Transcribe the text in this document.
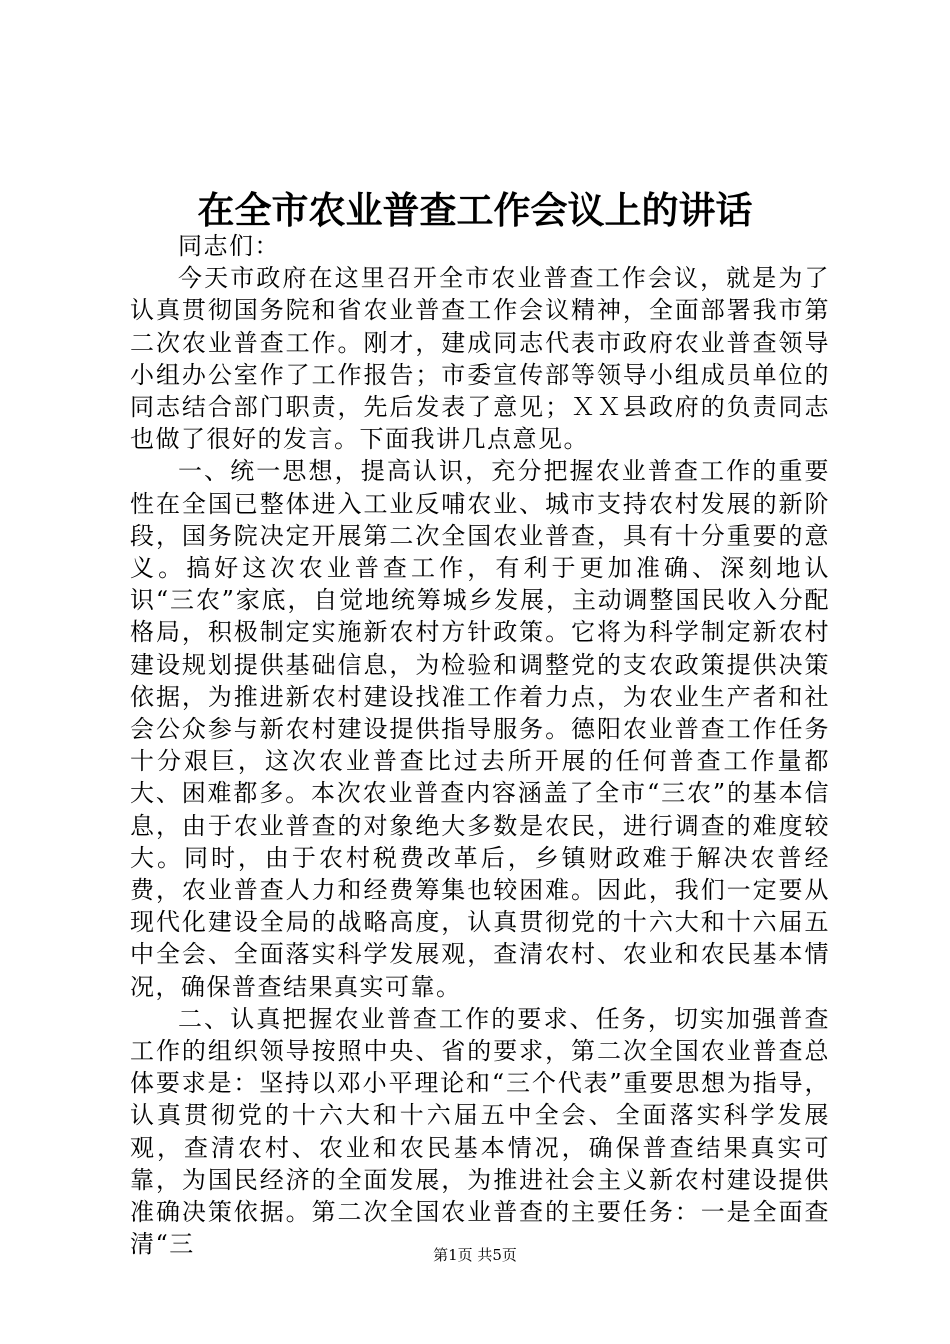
在全市农业普查工作会议上的讲话

同志们：

今天市政府在这里召开全市农业普查工作会议，就是为了认真贯彻国务院和省农业普查工作会议精神，全面部署我市第二次农业普查工作。刚才，建成同志代表市政府农业普查领导小组办公室作了工作报告；市委宣传部等领导小组成员单位的同志结合部门职责，先后发表了意见；ＸＸ县政府的负责同志也做了很好的发言。下面我讲几点意见。

一、统一思想，提高认识，充分把握农业普查工作的重要性在全国已整体进入工业反哺农业、城市支持农村发展的新阶段，国务院决定开展第二次全国农业普查，具有十分重要的意义。搞好这次农业普查工作，有利于更加准确、深刻地认识“三农”家底，自觉地统筹城乡发展，主动调整国民收入分配格局，积极制定实施新农村方针政策。它将为科学制定新农村建设规划提供基础信息，为检验和调整党的支农政策提供决策依据，为推进新农村建设找准工作着力点，为农业生产者和社会公众参与新农村建设提供指导服务。德阳农业普查工作任务十分艰巨，这次农业普查比过去所开展的任何普查工作量都大、困难都多。本次农业普查内容涵盖了全市“三农”的基本信息，由于农业普查的对象绝大多数是农民，进行调查的难度较大。同时，由于农村税费改革后，乡镇财政难于解决农普经费，农业普查人力和经费筹集也较困难。因此，我们一定要从现代化建设全局的战略高度，认真贯彻党的十六大和十六届五中全会、全面落实科学发展观，查清农村、农业和农民基本情况，确保普查结果真实可靠。

二、认真把握农业普查工作的要求、任务，切实加强普查工作的组织领导按照中央、省的要求，第二次全国农业普查总体要求是：坚持以邓小平理论和“三个代表”重要思想为指导，认真贯彻党的十六大和十六届五中全会、全面落实科学发展观，查清农村、农业和农民基本情况，确保普查结果真实可靠，为国民经济的全面发展，为推进社会主义新农村建设提供准确决策依据。第二次全国农业普查的主要任务：一是全面查清“三	第1页 共5页
